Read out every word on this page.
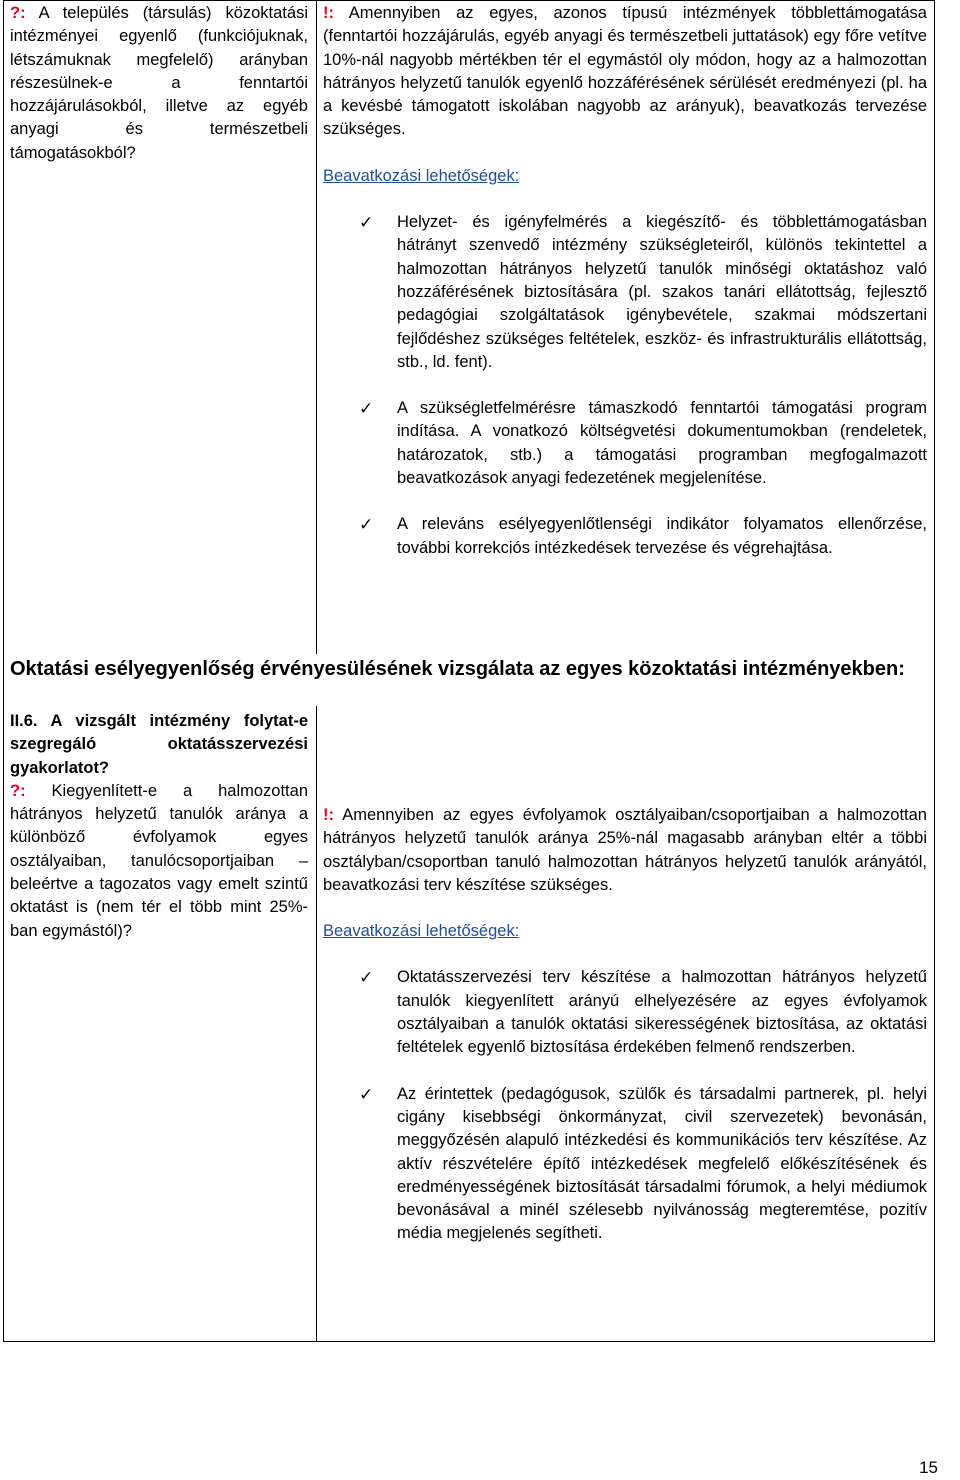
?: A település (társulás) közoktatási intézményei egyenlő (funkciójuknak, létszámuknak megfelelő) arányban részesülnek-e a fenntartói hozzájárulásokból, illetve az egyéb anyagi és természetbeli támogatásokból?

!: Amennyiben az egyes, azonos típusú intézmények többlettámogatása (fenntartói hozzájárulás, egyéb anyagi és természetbeli juttatások) egy főre vetítve 10%-nál nagyobb mértékben tér el egymástól oly módon, hogy az a halmozottan hátrányos helyzetű tanulók egyenlő hozzáférésének sérülését eredményezi (pl. ha a kevésbé támogatott iskolában nagyobb az arányuk), beavatkozás tervezése szükséges.

Beavatkozási lehetőségek:

✓ Helyzet- és igényfelmérés a kiegészítő- és többlettámogatásban hátrányt szenvedő intézmény szükségleteiről, különös tekintettel a halmozottan hátrányos helyzetű tanulók minőségi oktatáshoz való hozzáférésének biztosítására (pl. szakos tanári ellátottság, fejlesztő pedagógiai szolgáltatások igénybevétele, szakmai módszertani fejlődéshez szükséges feltételek, eszköz- és infrastrukturális ellátottság, stb., ld. fent).
✓ A szükségletfelmérésre támaszkodó fenntartói támogatási program indítása. A vonatkozó költségvetési dokumentumokban (rendeletek, határozatok, stb.) a támogatási programban megfogalmazott beavatkozások anyagi fedezetének megjelenítése.
✓ A releváns esélyegyenlőtlenségi indikátor folyamatos ellenőrzése, további korrekciós intézkedések tervezése és végrehajtása.

Oktatási esélyegyenlőség érvényesülésének vizsgálata az egyes közoktatási intézményekben:

II.6. A vizsgált intézmény folytat-e szegregáló oktatásszervezési gyakorlatot?

?: Kiegyenlített-e a halmozottan hátrányos helyzetű tanulók aránya a különböző évfolyamok egyes osztályaiban, tanulócsoportjaiban – beleértve a tagozatos vagy emelt szintű oktatást is (nem tér el több mint 25%-ban egymástól)?

!: Amennyiben az egyes évfolyamok osztályaiban/csoportjaiban a halmozottan hátrányos helyzetű tanulók aránya 25%-nál magasabb arányban eltér a többi osztályban/csoportban tanuló halmozottan hátrányos helyzetű tanulók arányától, beavatkozási terv készítése szükséges.

Beavatkozási lehetőségek:

✓ Oktatásszervezési terv készítése a halmozottan hátrányos helyzetű tanulók kiegyenlített arányú elhelyezésére az egyes évfolyamok osztályaiban a tanulók oktatási sikerességének biztosítása, az oktatási feltételek egyenlő biztosítása érdekében felmenő rendszerben.
✓ Az érintettek (pedagógusok, szülők és társadalmi partnerek, pl. helyi cigány kisebbségi önkormányzat, civil szervezetek) bevonásán, meggyőzésén alapuló intézkedési és kommunikációs terv készítése. Az aktív részvételére építő intézkedések megfelelő előkészítésének és eredményességének biztosítását társadalmi fórumok, a helyi médiumok bevonásával a minél szélesebb nyilvánosság megteremtése, pozitív média megjelenés segítheti.
15
